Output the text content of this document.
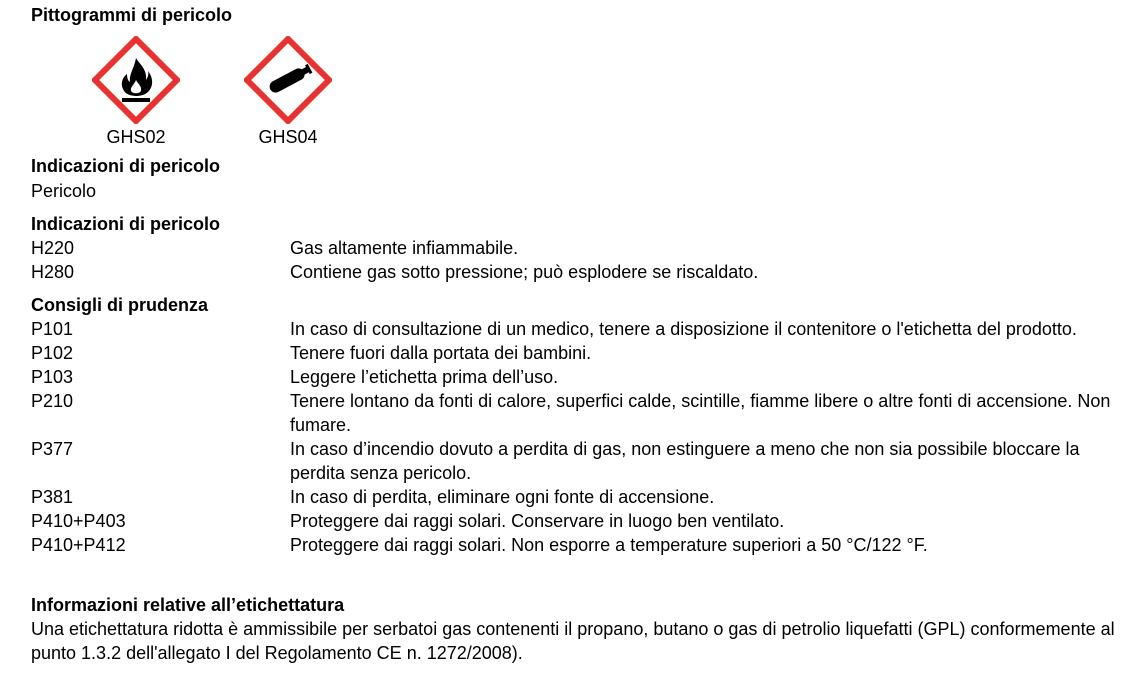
Pittogrammi di pericolo
GHS02	GHS04
Indicazioni di pericolo
Pericolo
Indicazioni di pericolo
H220	Gas altamente infiammabile.
H280	Contiene gas sotto pressione; può esplodere se riscaldato.
Consigli di prudenza
P101	In caso di consultazione di un medico, tenere a disposizione il contenitore o l'etichetta del prodotto.
P102	Tenere fuori dalla portata dei bambini.
P103	Leggere l’etichetta prima dell’uso.
P210	Tenere lontano da fonti di calore, superfici calde, scintille, fiamme libere o altre fonti di accensione. Non fumare.
P377	In caso d’incendio dovuto a perdita di gas, non estinguere a meno che non sia possibile bloccare la perdita senza pericolo.
P381	In caso di perdita, eliminare ogni fonte di accensione.
P410+P403	Proteggere dai raggi solari. Conservare in luogo ben ventilato.
P410+P412	Proteggere dai raggi solari. Non esporre a temperature superiori a 50 °C/122 °F.
Informazioni relative all’etichettatura
Una etichettatura ridotta è ammissibile per serbatoi gas contenenti il propano, butano o gas di petrolio liquefatti (GPL) conformemente al punto 1.3.2 dell'allegato I del Regolamento CE n. 1272/2008).
